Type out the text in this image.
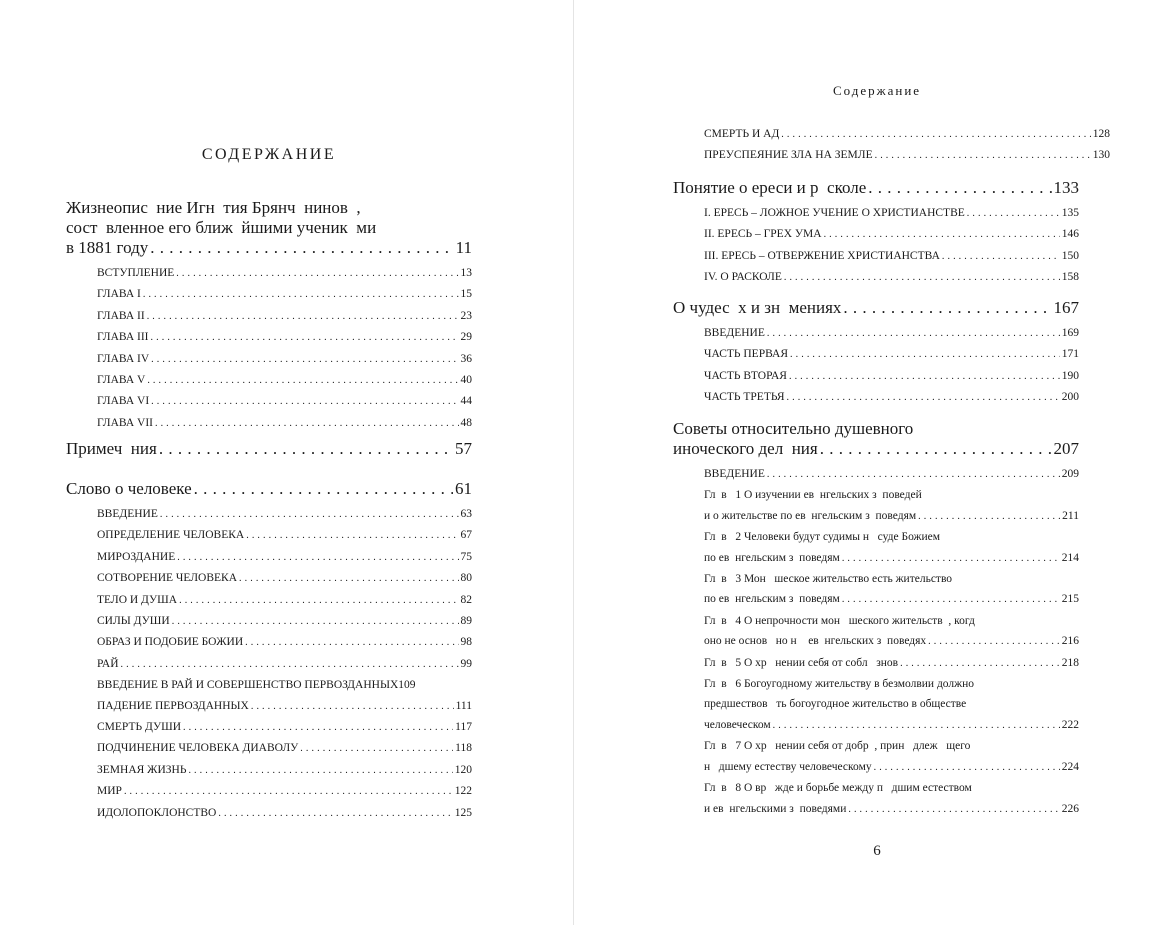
СОДЕРЖАНИЕ
Жизнеопис  ние Игн  тия Брянч  нинов  ,
сост  вленное его ближ  йшими ученик  ми
в 1881 году . . .	11
ВСТУПЛЕНИЕ . . .	13
ГЛАВА I . . .	15
ГЛАВА II . . .	23
ГЛАВА III . . .	29
ГЛАВА IV . . .	36
ГЛАВА V . . .	40
ГЛАВА VI . . .	44
ГЛАВА VII . . .	48
Примеч  ния . . .	57
Слово о человеке . . .	61
ВВЕДЕНИЕ . . .	63
ОПРЕДЕЛЕНИЕ ЧЕЛОВЕКА . . .	67
МИРОЗДАНИЕ . . .	75
СОТВОРЕНИЕ ЧЕЛОВЕКА . . .	80
ТЕЛО И ДУША . . .	82
СИЛЫ ДУШИ . . .	89
ОБРАЗ И ПОДОБИЕ БОЖИИ . . .	98
РАЙ . . .	99
ВВЕДЕНИЕ В РАЙ И СОВЕРШЕНСТВО ПЕРВОЗДАННЫХ 109
ПАДЕНИЕ ПЕРВОЗДАННЫХ . . .	111
СМЕРТЬ ДУШИ . . .	117
ПОДЧИНЕНИЕ ЧЕЛОВЕКА ДИАВОЛУ . . .	118
ЗЕМНАЯ ЖИЗНЬ . . .	120
МИР . . .	122
ИДОЛОПОКЛОНСТВО . . .	125
Содержание
СМЕРТЬ И АД . . .	128
ПРЕУСПЕЯНИЕ ЗЛА НА ЗЕМЛЕ . . .	130
Понятие о ереси и р  сколе . . .	133
I. ЕРЕСЬ – ЛОЖНОЕ УЧЕНИЕ О ХРИСТИАНСТВЕ . . .	135
II. ЕРЕСЬ – ГРЕХ УМА . . .	146
III. ЕРЕСЬ – ОТВЕРЖЕНИЕ ХРИСТИАНСТВА . . .	150
IV. О РАСКОЛЕ . . .	158
О чудес  х и зн  мениях . . .	167
ВВЕДЕНИЕ . . .	169
ЧАСТЬ ПЕРВАЯ . . .	171
ЧАСТЬ ВТОРАЯ . . .	190
ЧАСТЬ ТРЕТЬЯ . . .	200
Советы относительно душевного
иноческого дел  ния . . .	207
ВВЕДЕНИЕ . . .	209
Гл  в   1 О изучении ев  нгельских з  поведей
и о жительстве по ев  нгельским з  поведям . . .	211
Гл  в   2 Человеки будут судимы н   суде Божием
по ев  нгельским з  поведям . . .	214
Гл  в   3 Мон   шеское жительство есть жительство
по ев  нгельским з  поведям . . .	215
Гл  в   4 О непрочности мон   шеского жительств  , когд
оно не основ   но н    ев  нгельских з  поведях . . .	216
Гл  в   5 О хр   нении себя от собл   знов . . .	218
Гл  в   6 Богоугодному жительству в безмолвии должно
предшествов   ть богоугодное жительство в обществе
человеческом . . .	222
Гл  в   7 О хр   нении себя от добр  , прин   длеж   щего
н   дшему естеству человеческому . . .	224
Гл  в   8 О вр   жде и борьбе между п   дшим естеством
и ев  нгельскими з  поведями . . .	226
6
